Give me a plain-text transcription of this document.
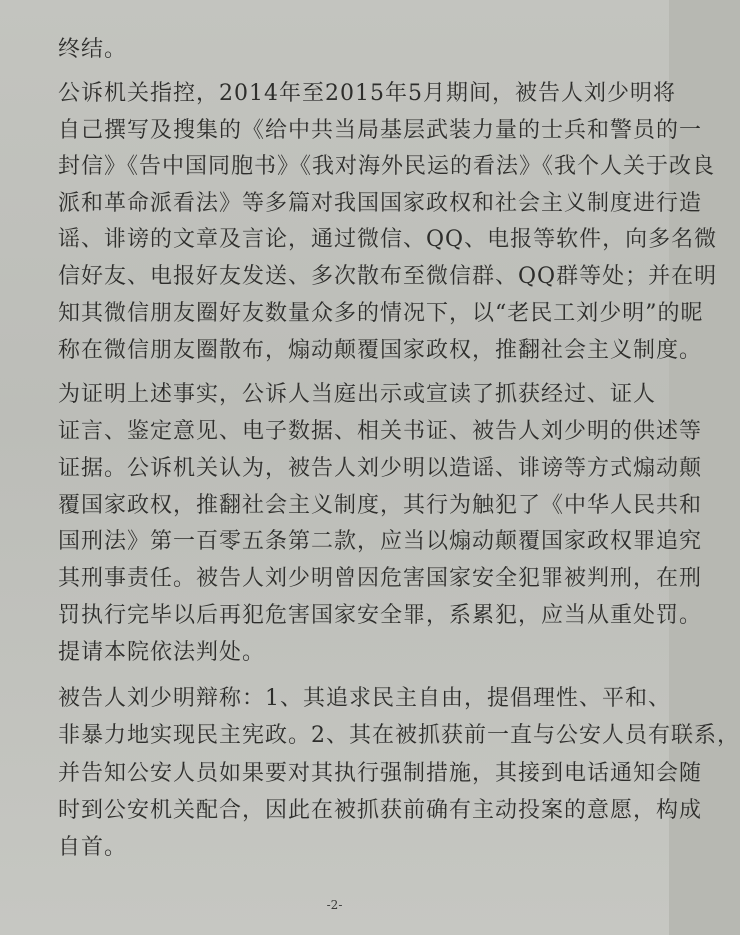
终结。
公诉机关指控，2014年至2015年5月期间，被告人刘少明将
自己撰写及搜集的《给中共当局基层武装力量的士兵和警员的一
封信》《告中国同胞书》《我对海外民运的看法》《我个人关于改良
派和革命派看法》等多篇对我国国家政权和社会主义制度进行造
谣、诽谤的文章及言论，通过微信、QQ、电报等软件，向多名微
信好友、电报好友发送、多次散布至微信群、QQ群等处；并在明
知其微信朋友圈好友数量众多的情况下，以“老民工刘少明”的昵
称在微信朋友圈散布，煽动颠覆国家政权，推翻社会主义制度。
为证明上述事实，公诉人当庭出示或宣读了抓获经过、证人
证言、鉴定意见、电子数据、相关书证、被告人刘少明的供述等
证据。公诉机关认为，被告人刘少明以造谣、诽谤等方式煽动颠
覆国家政权，推翻社会主义制度，其行为触犯了《中华人民共和
国刑法》第一百零五条第二款，应当以煽动颠覆国家政权罪追究
其刑事责任。被告人刘少明曾因危害国家安全犯罪被判刑，在刑
罚执行完毕以后再犯危害国家安全罪，系累犯，应当从重处罚。
提请本院依法判处。
被告人刘少明辩称：1、其追求民主自由，提倡理性、平和、
非暴力地实现民主宪政。2、其在被抓获前一直与公安人员有联系，
并告知公安人员如果要对其执行强制措施，其接到电话通知会随
时到公安机关配合，因此在被抓获前确有主动投案的意愿，构成
自首。
-2-
